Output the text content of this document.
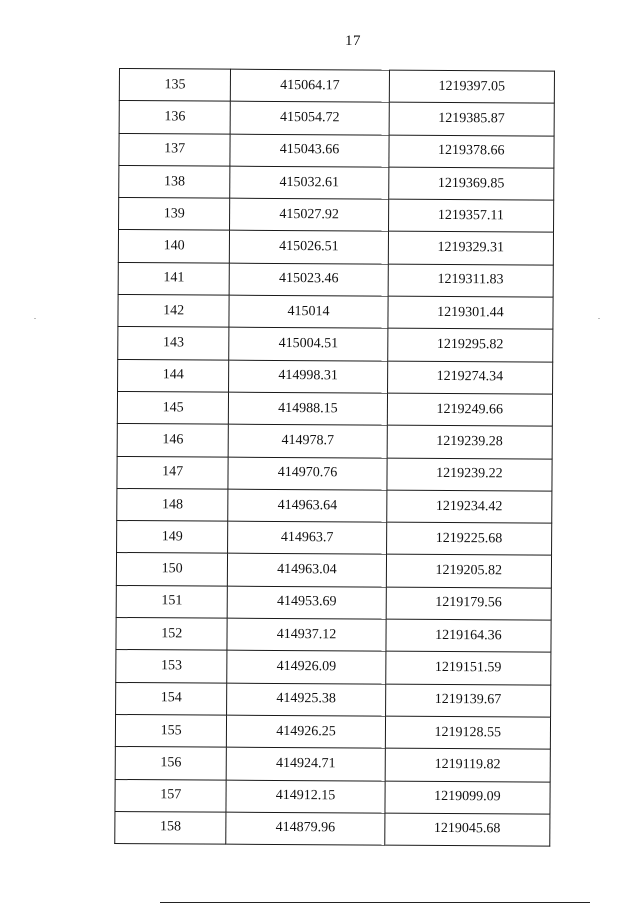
17
135	415064.17	1219397.05
136	415054.72	1219385.87
137	415043.66	1219378.66
138	415032.61	1219369.85
139	415027.92	1219357.11
140	415026.51	1219329.31
141	415023.46	1219311.83
142	415014	1219301.44
143	415004.51	1219295.82
144	414998.31	1219274.34
145	414988.15	1219249.66
146	414978.7	1219239.28
147	414970.76	1219239.22
148	414963.64	1219234.42
149	414963.7	1219225.68
150	414963.04	1219205.82
151	414953.69	1219179.56
152	414937.12	1219164.36
153	414926.09	1219151.59
154	414925.38	1219139.67
155	414926.25	1219128.55
156	414924.71	1219119.82
157	414912.15	1219099.09
158	414879.96	1219045.68
